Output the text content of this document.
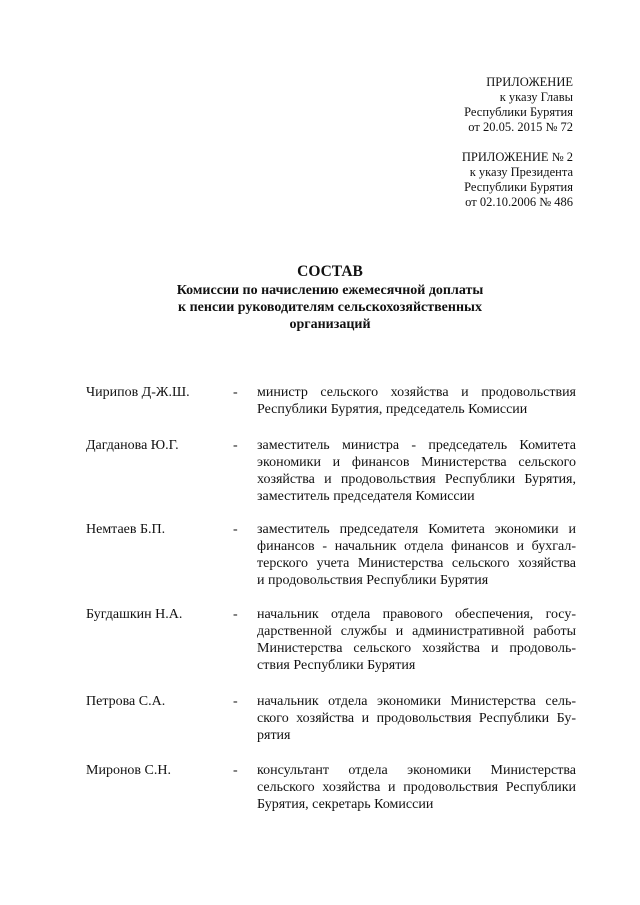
ПРИЛОЖЕНИЕ
к указу Главы
Республики Бурятия
от 20.05. 2015 № 72
ПРИЛОЖЕНИЕ № 2
к указу Президента
Республики Бурятия
от 02.10.2006 № 486
СОСТАВ
Комиссии по начислению ежемесячной доплаты
к пенсии руководителям сельскохозяйственных
организаций
Чирипов Д-Ж.Ш.	- министр сельского хозяйства и продовольствия
Республики Бурятия, председатель Комиссии
Дагданова Ю.Г.	- заместитель министра - председатель Комитета
экономики и финансов Министерства сельского
хозяйства и продовольствия Республики Бурятия,
заместитель председателя Комиссии
Немтаев Б.П.	- заместитель председателя Комитета экономики и
финансов - начальник отдела финансов и бухгал-
терского учета Министерства сельского хозяйства
и продовольствия Республики Бурятия
Бугдашкин Н.А.	- начальник отдела правового обеспечения, госу-
дарственной службы и административной работы
Министерства сельского хозяйства и продоволь-
ствия Республики Бурятия
Петрова С.А.	- начальник отдела экономики Министерства сель-
ского хозяйства и продовольствия Республики Бу-
рятия
Миронов С.Н.	- консультант отдела экономики Министерства
сельского хозяйства и продовольствия Республики
Бурятия, секретарь Комиссии
